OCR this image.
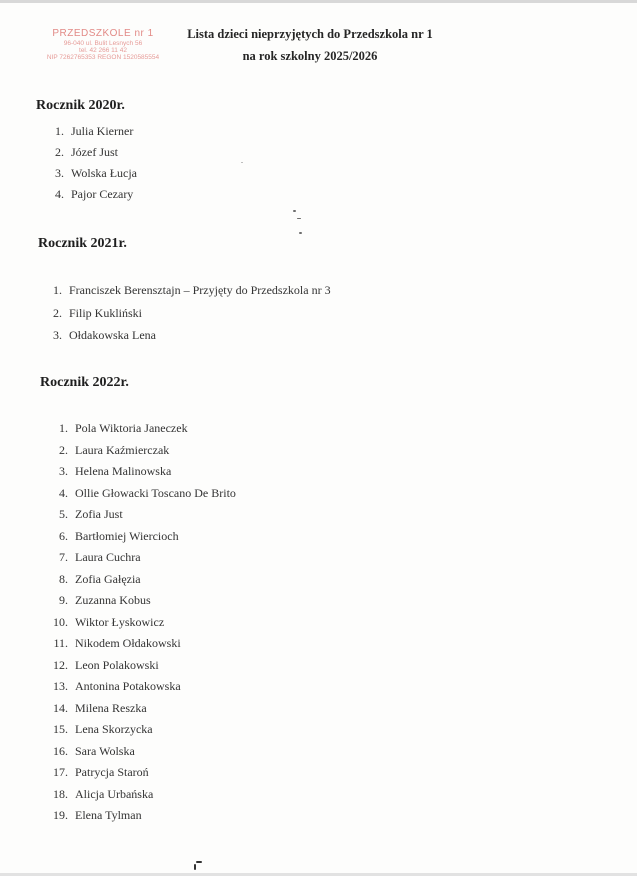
PRZEDSZKOLE nr 1
96-040 ul. Bulit Lesnych 56
tel. 42 266 11 42
NIP 7262765353 REGON 1520585554
Lista dzieci nieprzyjętych do Przedszkola nr 1
na rok szkolny 2025/2026
Rocznik 2020r.
1. Julia Kierner
2. Józef Just
3. Wolska Łucja
4. Pajor Cezary
Rocznik 2021r.
1. Franciszek Berensztajn – Przyjęty do Przedszkola nr 3
2. Filip Kukliński
3. Ołdakowska Lena
Rocznik 2022r.
1. Pola Wiktoria Janeczek
2. Laura Kaźmierczak
3. Helena Malinowska
4. Ollie Głowacki Toscano De Brito
5. Zofia Just
6. Bartłomiej Wiercioch
7. Laura Cuchra
8. Zofia Gałęzia
9. Zuzanna Kobus
10. Wiktor Łyskowicz
11. Nikodem Ołdakowski
12. Leon Polakowski
13. Antonina Potakowska
14. Milena Reszka
15. Lena Skorzycka
16. Sara Wolska
17. Patrycja Staroń
18. Alicja Urbańska
19. Elena Tylman
